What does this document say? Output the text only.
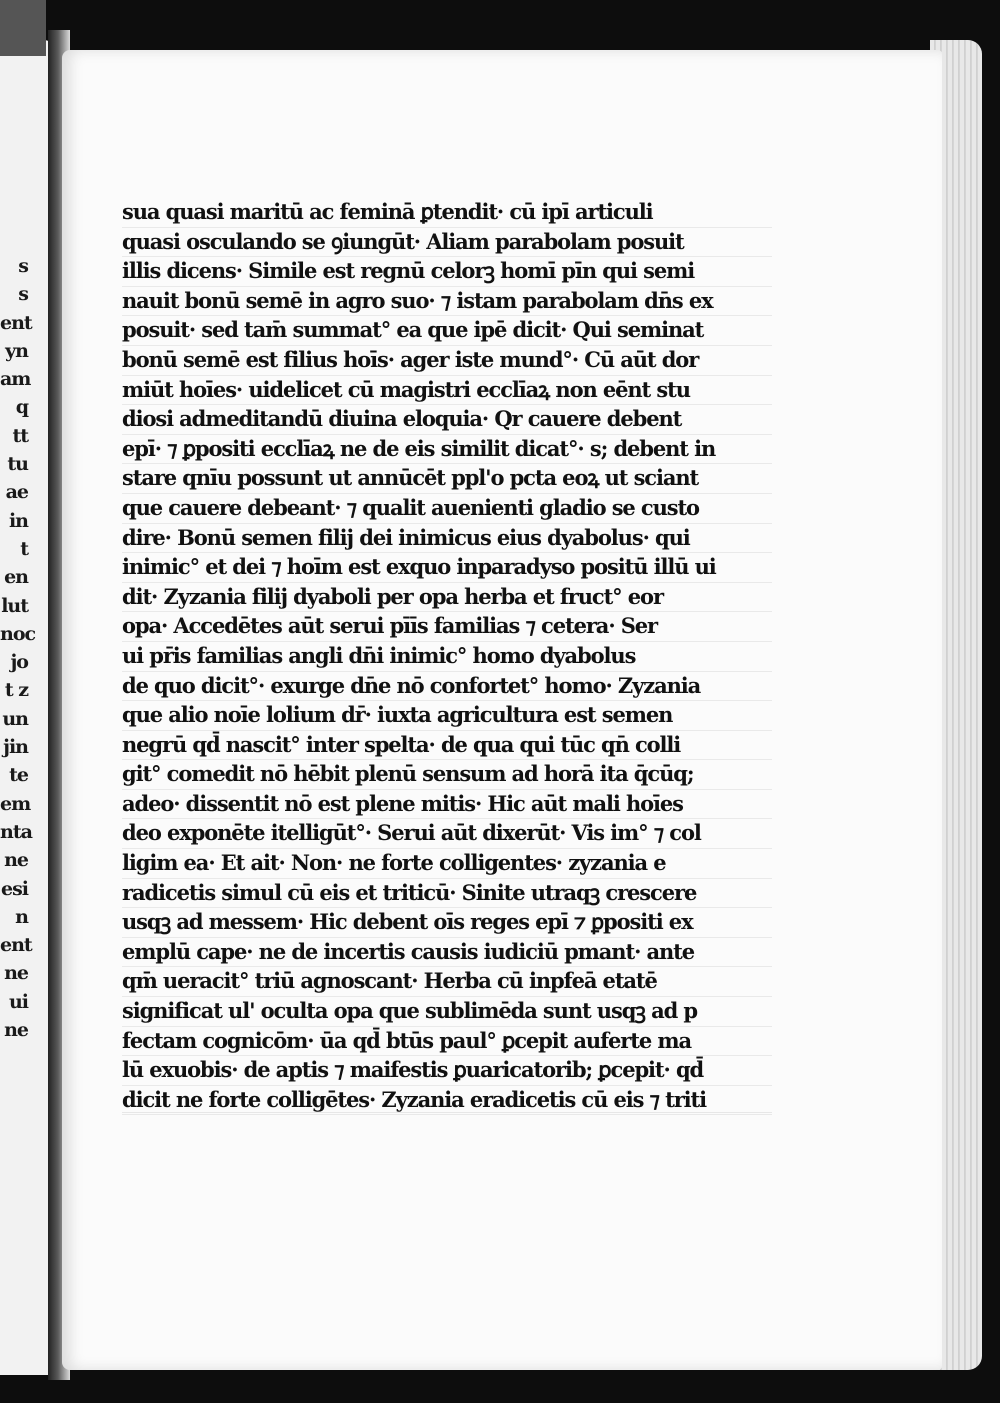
s
s
ent
yn
am
q
tt
tu
ae
in
t
en
lut
noc
jo
t z
un
jin
te
em
nta
ne
esi
n
ent
ne
ui
ne
sua quasi maritū ac feminā ꝑtendit· cū ipī articuli
quasi osculando se ꝯiungūt· Aliam parabolam posuit
illis dicens· Simile est regnū celorꝫ homī pīn qui semi
nauit bonū semē in agro suo· ⁊ istam parabolam dn̄s ex
posuit· sed tam̄ summat° ea que ipē dicit· Qui seminat
bonū semē est filius hoīs· ager iste mund°· Cū aūt dor
miūt hoīes· uidelicet cū magistri ecclīaꝝ non eēnt stu
diosi admeditandū diuina eloquia· Qr cauere debent
epī· ⁊ ꝑpositi ecclīaꝝ ne de eis similit dicat°· s; debent in
stare qnīu possunt ut annūcēt ppl'o pcta eoꝝ ut sciant
que cauere debeant· ⁊ qualit auenienti gladio se custo
dire· Bonū semen filij dei inimicus eius dyabolus· qui
inimic° et dei ⁊ hoīm est exquo inparadyso positū illū ui
dit· Zyzania filij dyaboli per opa herba et fruct° eor
opa· Accedētes aūt serui pīīs familias ⁊ cetera· Ser
ui pr̄is familias angli dn̄i inimic° homo dyabolus
de quo dicit°· exurge dn̄e nō confortet° homo· Zyzania
que alio noīe lolium dr̄· iuxta agricultura est semen
negrū qd̄ nascit° inter spelta· de qua qui tūc qn̄ colli
git° comedit nō hēbit plenū sensum ad horā ita q̄cūq;
adeo· dissentit nō est plene mitis· Hic aūt mali hoīes
deo exponēte itelligūt°· Serui aūt dixerūt· Vis im° ⁊ col
ligim ea· Et ait· Non· ne forte colligentes· zyzania e
radicetis simul cū eis et triticū· Sinite utraqꝫ crescere
usqꝫ ad messem· Hic debent oīs reges epī ⁊ ꝑpositi ex
emplū cape· ne de incertis causis iudiciū pmant· ante
qm̄ ueracit° triū agnoscant· Herba cū inpfeā etatē
significat ul' oculta opa que sublimēda sunt usqꝫ ad p
fectam cognicōm· ūa qd̄ btūs paul° ꝑcepit auferte ma
lū exuobis· de aptis ⁊ maifestis ꝑuaricatorib; ꝑcepit· qd̄
dicit ne forte colligētes· Zyzania eradicetis cū eis ⁊ triti
